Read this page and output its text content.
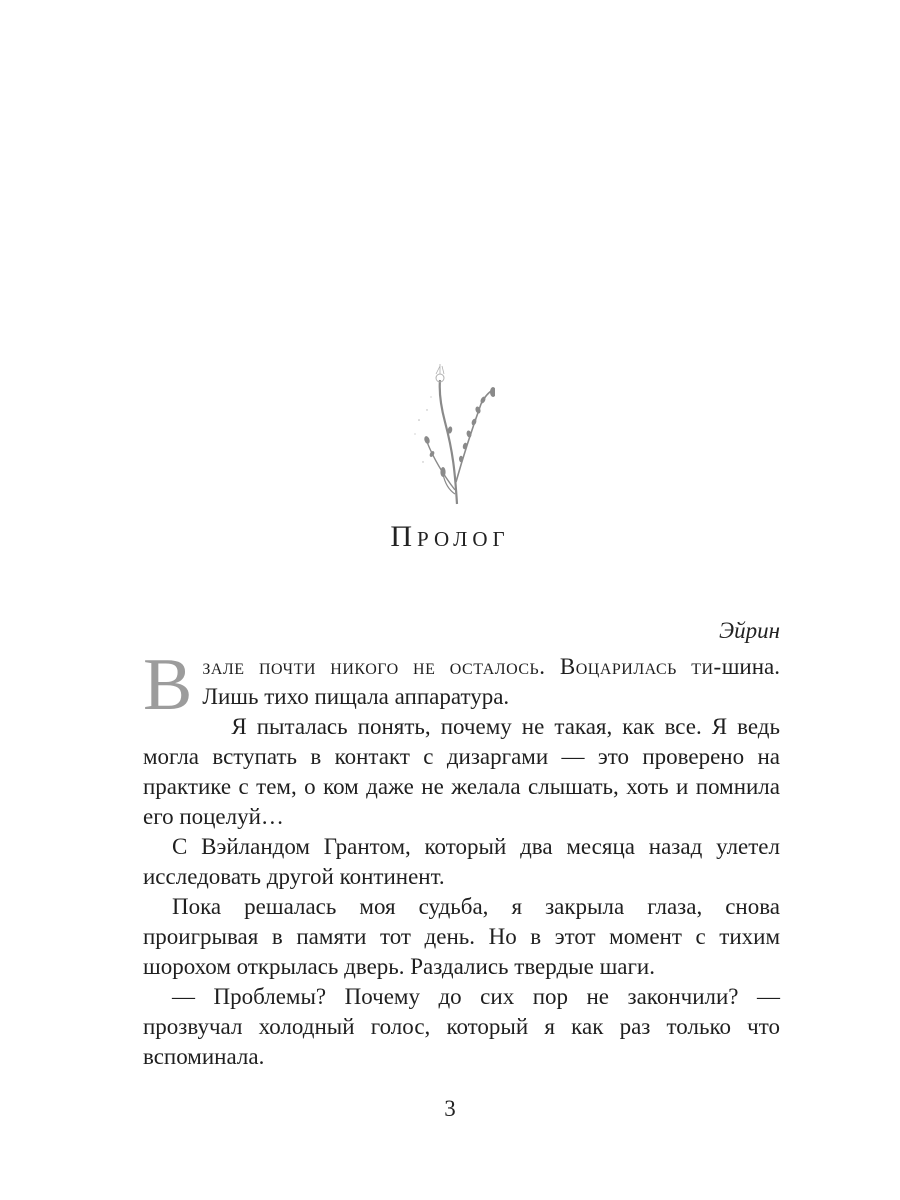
Пролог
Эйрин

Взале почти никого не осталось. Воцарилась ти-шина. Лишь тихо пищала аппаратура.

Я пыталась понять, почему не такая, как все. Я ведь могла вступать в контакт с дизаргами — это проверено на практике с тем, о ком даже не желала слышать, хоть и помнила его поцелуй…

С Вэйландом Грантом, который два месяца назад улетел исследовать другой континент.

Пока решалась моя судьба, я закрыла глаза, снова проигрывая в памяти тот день. Но в этот момент с тихим шорохом открылась дверь. Раздались твердые шаги.

— Проблемы? Почему до сих пор не закончили? — прозвучал холодный голос, который я как раз только что вспоминала.

3
